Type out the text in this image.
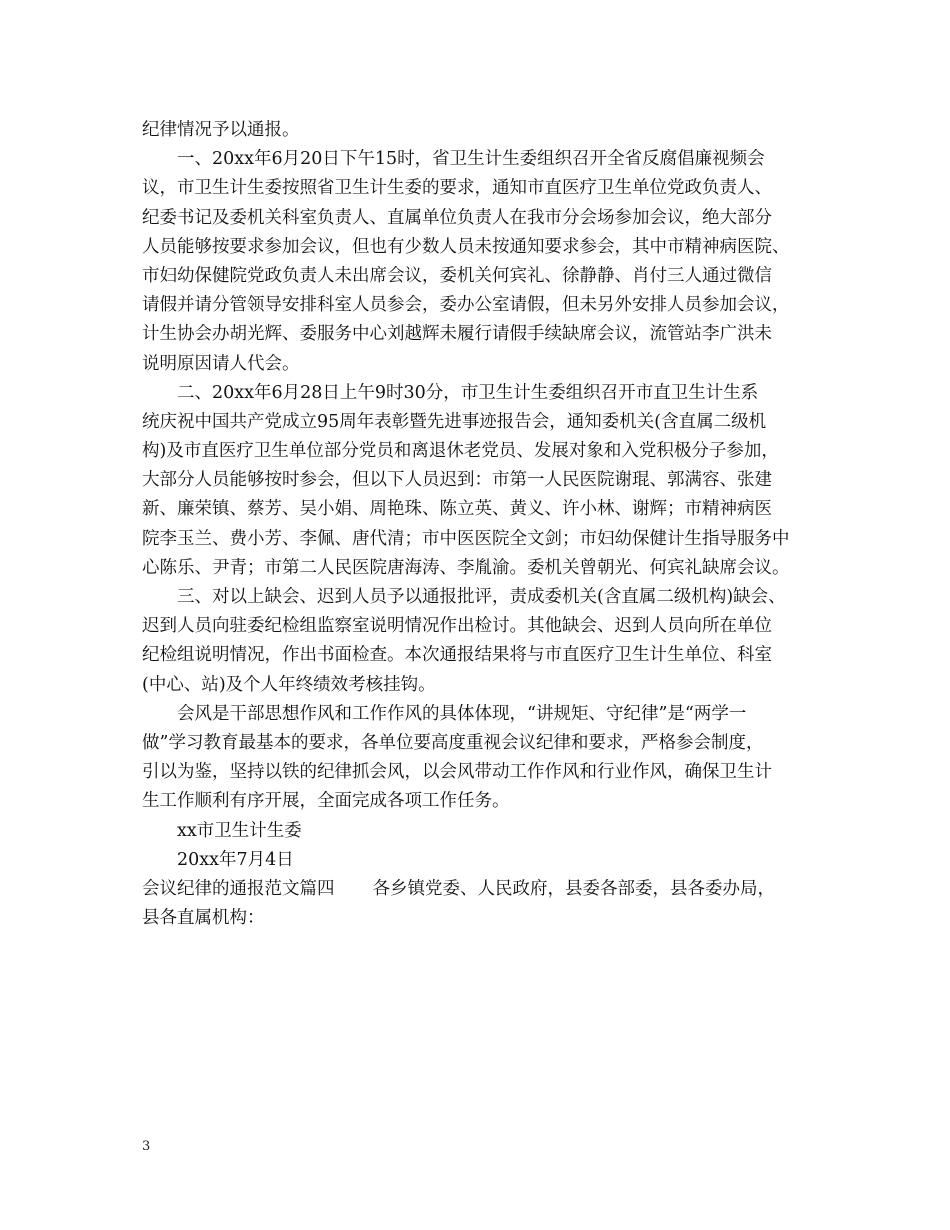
纪律情况予以通报。
一、20xx年6月20日下午15时，省卫生计生委组织召开全省反腐倡廉视频会
议，市卫生计生委按照省卫生计生委的要求，通知市直医疗卫生单位党政负责人、
纪委书记及委机关科室负责人、直属单位负责人在我市分会场参加会议，绝大部分
人员能够按要求参加会议，但也有少数人员未按通知要求参会，其中市精神病医院、
市妇幼保健院党政负责人未出席会议，委机关何宾礼、徐静静、肖付三人通过微信
请假并请分管领导安排科室人员参会，委办公室请假，但未另外安排人员参加会议，
计生协会办胡光辉、委服务中心刘越辉未履行请假手续缺席会议，流管站李广洪未
说明原因请人代会。
二、20xx年6月28日上午9时30分，市卫生计生委组织召开市直卫生计生系
统庆祝中国共产党成立95周年表彰暨先进事迹报告会，通知委机关(含直属二级机
构)及市直医疗卫生单位部分党员和离退休老党员、发展对象和入党积极分子参加，
大部分人员能够按时参会，但以下人员迟到：市第一人民医院谢琨、郭满容、张建
新、廉荣镇、蔡芳、吴小娟、周艳珠、陈立英、黄义、许小林、谢辉；市精神病医
院李玉兰、费小芳、李佩、唐代清；市中医医院全文剑；市妇幼保健计生指导服务中
心陈乐、尹青；市第二人民医院唐海涛、李胤渝。委机关曾朝光、何宾礼缺席会议。
三、对以上缺会、迟到人员予以通报批评，责成委机关(含直属二级机构)缺会、
迟到人员向驻委纪检组监察室说明情况作出检讨。其他缺会、迟到人员向所在单位
纪检组说明情况，作出书面检查。本次通报结果将与市直医疗卫生计生单位、科室
(中心、站)及个人年终绩效考核挂钩。
会风是干部思想作风和工作作风的具体体现，“讲规矩、守纪律”是“两学一
做”学习教育最基本的要求，各单位要高度重视会议纪律和要求，严格参会制度，
引以为鉴，坚持以铁的纪律抓会风，以会风带动工作作风和行业作风，确保卫生计
生工作顺利有序开展，全面完成各项工作任务。
xx市卫生计生委
20xx年7月4日
会议纪律的通报范文篇四 各乡镇党委、人民政府，县委各部委，县各委办局，
县各直属机构：
3
